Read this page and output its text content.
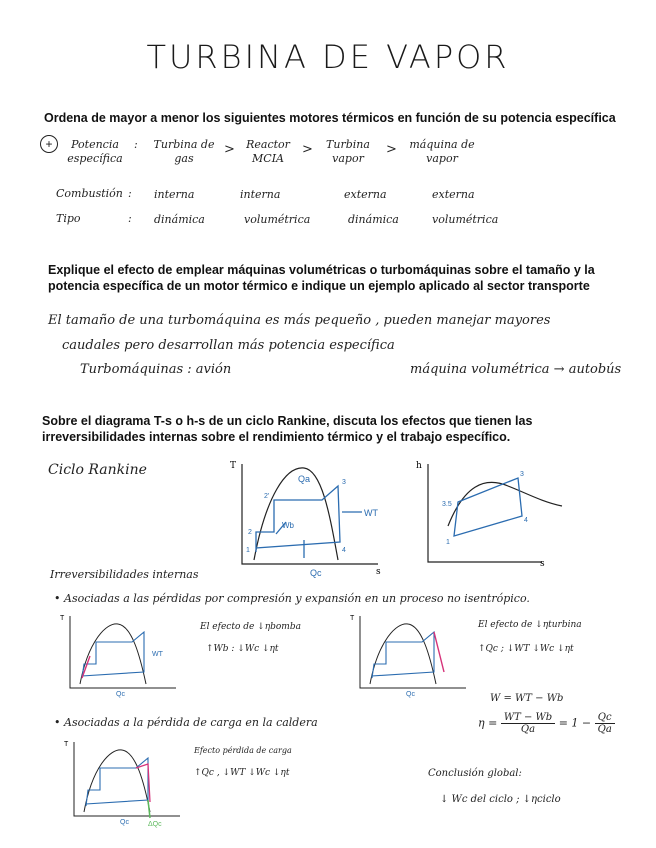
TURBINA DE VAPOR
Ordena de mayor a menor los siguientes motores térmicos en función de su potencia específica
+	Potencia específica
:	Turbina de gas
>	Reactor MCIA
>	Turbina vapor
>	máquina de vapor
Combustión : interna	interna	externa	externa
Tipo	: dinámica	volumétrica	dinámica	volumétrica
Explique el efecto de emplear máquinas volumétricas o turbomáquinas sobre el tamaño y la potencia específica de un motor térmico e indique un ejemplo aplicado al sector transporte
El tamaño de una turbomáquina es más pequeño , pueden manejar mayores
caudales pero desarrollan más potencia específica
Turbomáquinas : avión	máquina volumétrica → autobús
Sobre el diagrama T-s o h-s de un ciclo Rankine, discuta los efectos que tienen las irreversibilidades internas sobre el rendimiento térmico y el trabajo específico.
Ciclo Rankine	T
s
1
2
2'
3
4
Qa
Wb
WT
Qc
h
s
1
3.5
3
4
Irreversibilidades internas
• Asociadas a las pérdidas por compresión y expansión en un proceso no isentrópico.
T
Qc
WT
El efecto de ↓ηbomba
↑Wb : ↓Wc ↓ηt
T
Qc
El efecto de ↓ηturbina
↑Qc ; ↓WT ↓Wc ↓ηt
W = WT − Wb
$\eta = \frac{WT - Wb}{Qa} = 1 - \frac{Qc}{Qa}$
• Asociadas a la pérdida de carga en la caldera
T
Qc	ΔQc
Efecto pérdida de carga
↑Qc , ↓WT ↓Wc ↓ηt	Conclusión global:
↓ Wc del ciclo ; ↓ηciclo
